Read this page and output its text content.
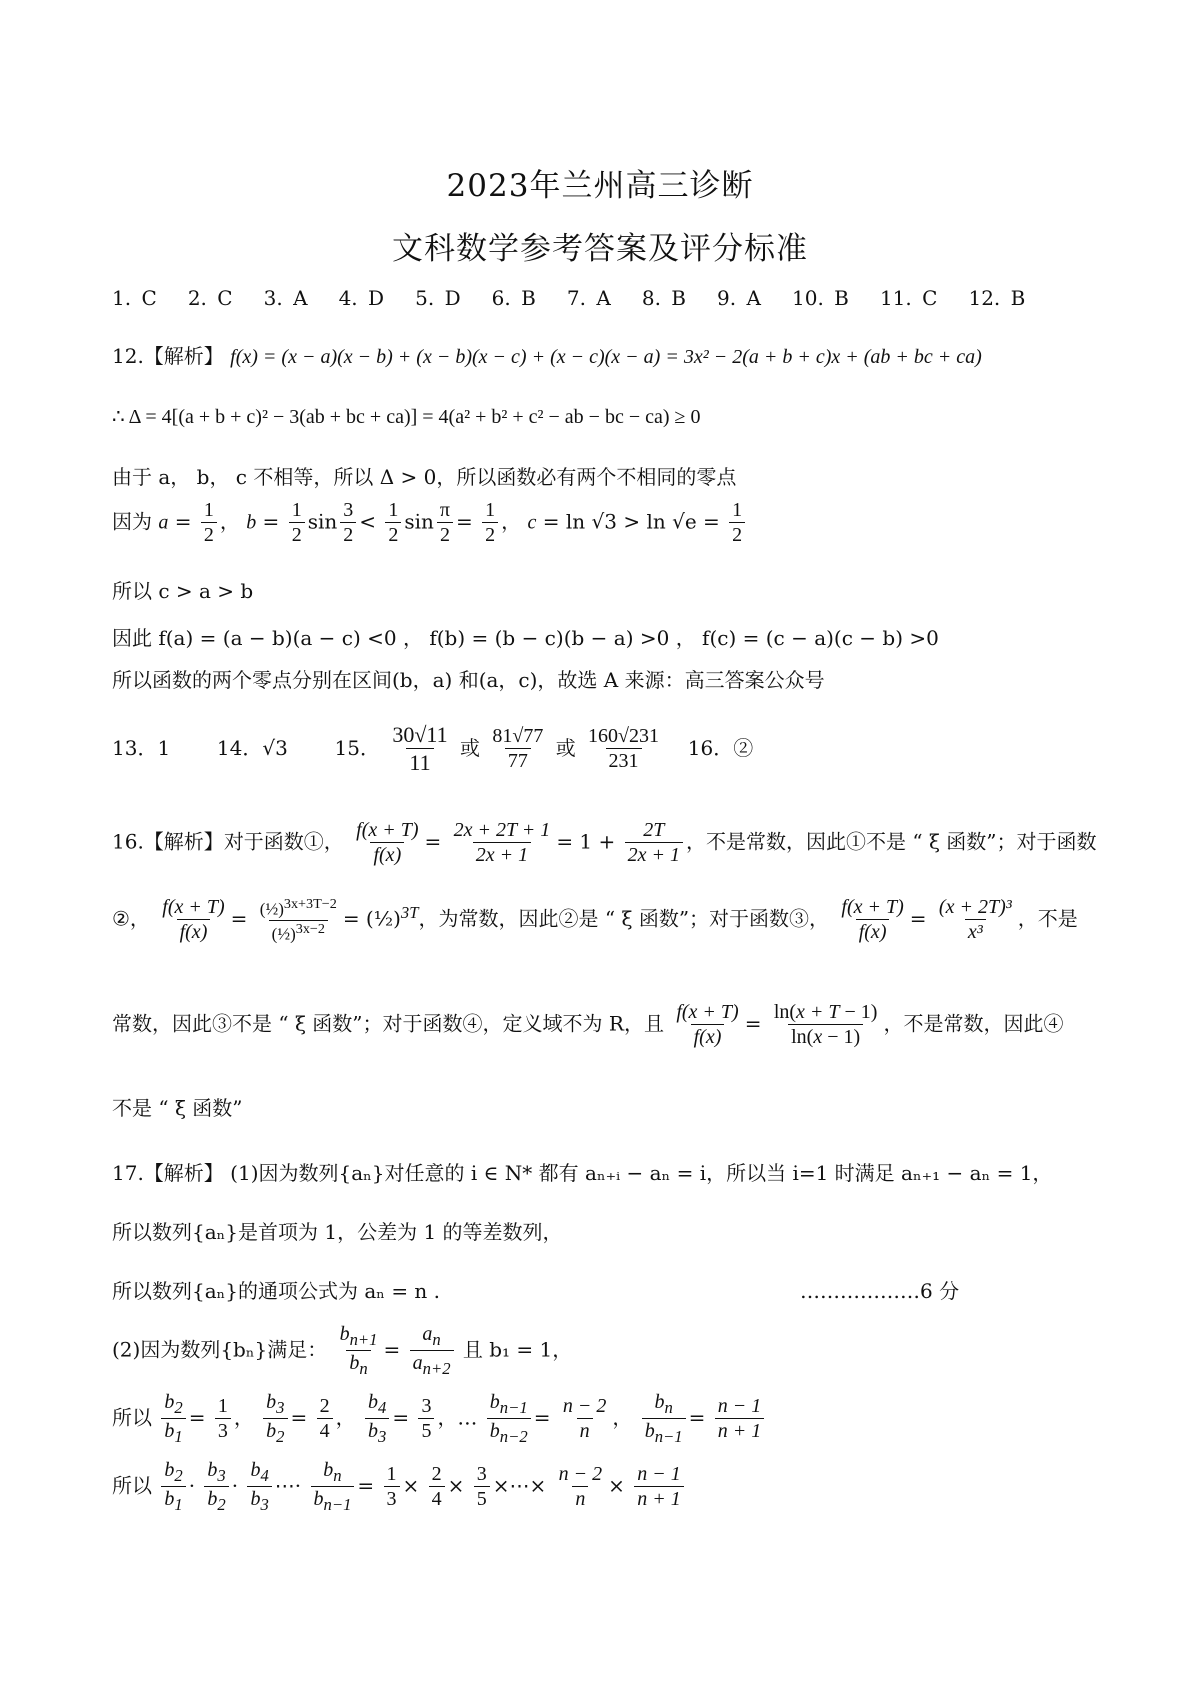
2023年兰州高三诊断
文科数学参考答案及评分标准
1. C   2. C   3. A   4. D   5. D   6. B   7. A   8. B   9. A   10. B   11. C   12. B
12.【解析】 f(x) = (x − a)(x − b) + (x − b)(x − c) + (x − c)(x − a) = 3x² − 2(a + b + c)x + (ab + bc + ca)
∴ Δ = 4[(a + b + c)² − 3(ab + bc + ca)] = 4(a² + b² + c² − ab − bc − ca) ≥ 0
由于 a， b， c 不相等，所以 Δ > 0，所以函数必有两个不相同的零点
因为 $a = \frac{1}{2}$ ， $b = \frac{1}{2}$ $\sin \frac{3}{2} < \frac{1}{2}$ $\sin \frac{\pi}{2} = \frac{1}{2}$ ， $c = \ln √3 > \ln √e = \frac{1}{2}$
所以 c > a > b
因此 f(a) = (a − b)(a − c) <0 ， f(b) = (b − c)(b − a) >0 ， f(c) = (c − a)(c − b) >0
所以函数的两个零点分别在区间(b，a) 和(a，c)，故选 A 来源：高三答案公众号
13．1 14．√3 15． $\frac{30√11}{11}$ 或 $\frac{81√77}{77}$ 或 $\frac{160√231}{231} 16$．②
16.【解析】对于函数①， $\frac{f(x + T)}{f(x)} = \frac{2x + 2T + 1}{2x + 1} = 1 + \frac{2T}{2x + 1}$ ，不是常数，因此①不是 “ ξ 函数”；对于函数
②， $\frac{f(x + T)}{f(x)} = \frac{(\frac{1}{2})^{3x+3T-2}}{(\frac{1}{2})^{3x-2}}$ = (½)$^{3T}$，为常数，因此②是 “ ξ 函数”；对于函数③， $\frac{f(x + T)}{f(x)} = \frac{\text{(x + 2T)³}}{\text{x³}}$ ，不是
常数，因此③不是 “ ξ 函数”；对于函数④，定义域不为 R，且 $\frac{f(x + T)}{f(x)} = \frac{\ln(x + T - 1)}{\ln(x - 1)}$ ，不是常数，因此④
不是 “ ξ 函数”
17.【解析】 (1)因为数列{aₙ}对任意的 i ∈ N* 都有 aₙ₊ᵢ − aₙ = i，所以当 i=1 时满足 aₙ₊₁ − aₙ = 1，
所以数列{aₙ}是首项为 1，公差为 1 的等差数列，
所以数列{aₙ}的通项公式为 aₙ = n .	………………6 分
(2)因为数列{bₙ}满足： $\frac{b_{n+1}}{b_n} = \frac{a_n}{a_{n+2}}$ 且 b₁ = 1，
所以 $\frac{b_2}{b_1} = \frac{1}{3}$ ， $\frac{b_3}{b_2} = \frac{2}{4}$ ， $\frac{b_4}{b_3} = \frac{3}{5}$ ，… $\frac{b_{n-1}}{b_{n-2}} = \frac{n - 2}{n}$ ， $\frac{b_n}{b_{n-1}} = \frac{n - 1}{n + 1}$
所以 $\frac{b_2}{b_1} \cdot \frac{b_3}{b_2} \cdot \frac{b_4}{b_3}$ ⋯· $\frac{b_n}{b_{n-1}} = \frac{1}{3} \times \frac{2}{4} \times \frac{3}{5}$ ×⋯× $\frac{n - 2}{n} \times \frac{n - 1}{n + 1}$
